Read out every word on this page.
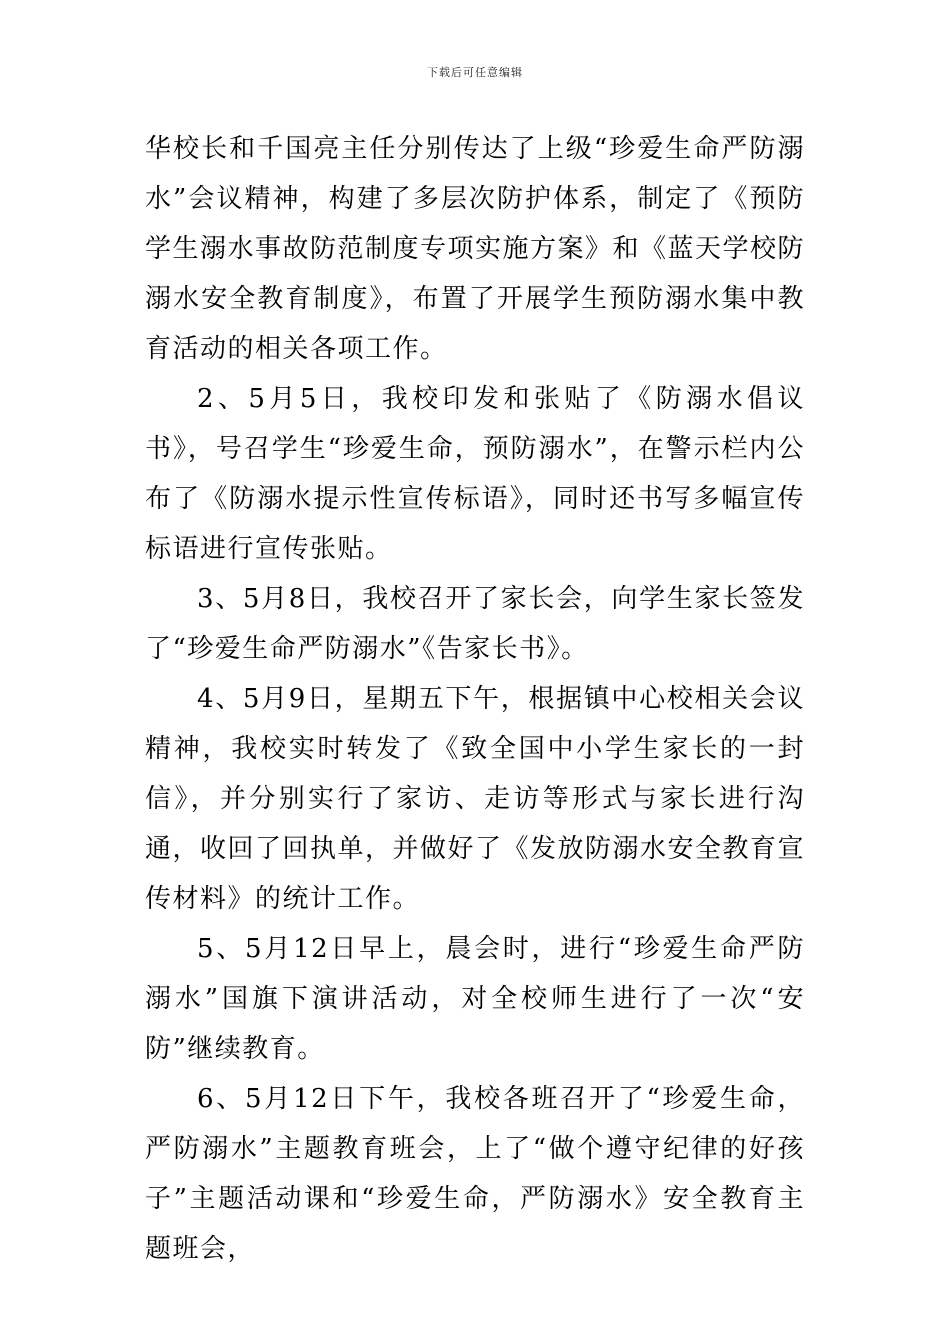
下载后可任意编辑

华校长和千国亮主任分别传达了上级“珍爱生命严防溺水”会议精神，构建了多层次防护体系，制定了《预防学生溺水事故防范制度专项实施方案》和《蓝天学校防溺水安全教育制度》，布置了开展学生预防溺水集中教育活动的相关各项工作。

2、5月5日，我校印发和张贴了《防溺水倡议书》，号召学生“珍爱生命，预防溺水”，在警示栏内公布了《防溺水提示性宣传标语》，同时还书写多幅宣传标语进行宣传张贴。

3、5月8日，我校召开了家长会，向学生家长签发了“珍爱生命严防溺水”《告家长书》。

4、5月9日，星期五下午，根据镇中心校相关会议精神，我校实时转发了《致全国中小学生家长的一封信》，并分别实行了家访、走访等形式与家长进行沟通，收回了回执单，并做好了《发放防溺水安全教育宣传材料》的统计工作。

5、5月12日早上，晨会时，进行“珍爱生命严防溺水”国旗下演讲活动，对全校师生进行了一次“安防”继续教育。

6、5月12日下午，我校各班召开了“珍爱生命，严防溺水”主题教育班会，上了“做个遵守纪律的好孩子”主题活动课和“珍爱生命，严防溺水》安全教育主题班会，
